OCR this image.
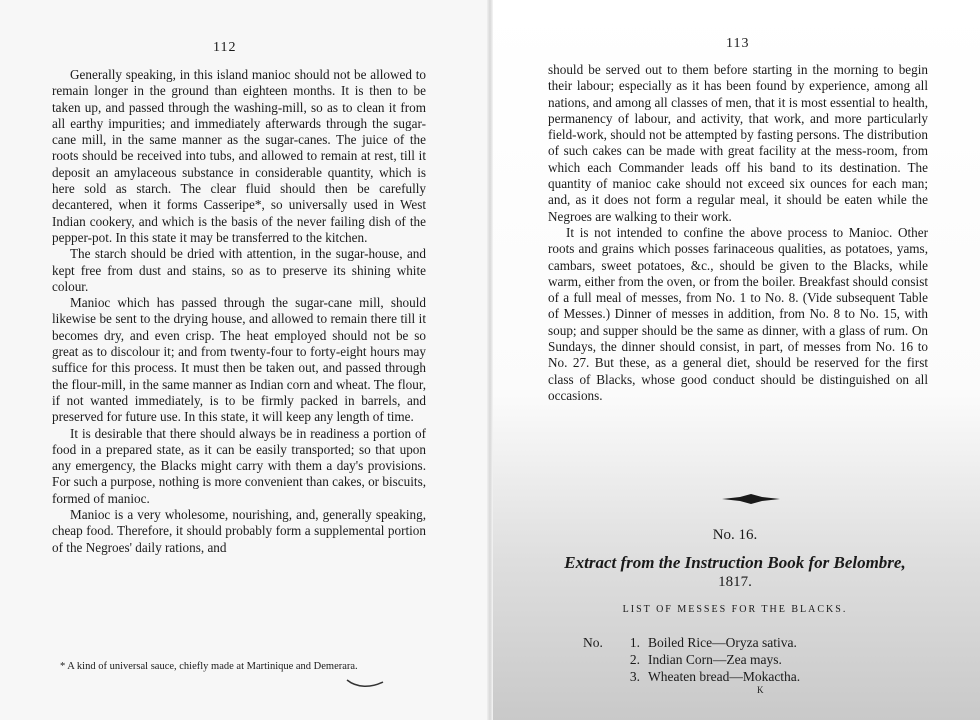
112

Generally speaking, in this island manioc should not be allowed to remain longer in the ground than eighteen months. It is then to be taken up, and passed through the washing-mill, so as to clean it from all earthy impurities; and immediately afterwards through the sugar-cane mill, in the same manner as the sugar-canes. The juice of the roots should be received into tubs, and allowed to remain at rest, till it deposit an amylaceous substance in considerable quantity, which is here sold as starch. The clear fluid should then be carefully decantered, when it forms Casseripe*, so universally used in West Indian cookery, and which is the basis of the never failing dish of the pepper-pot. In this state it may be transferred to the kitchen.

The starch should be dried with attention, in the sugar-house, and kept free from dust and stains, so as to preserve its shining white colour.

Manioc which has passed through the sugar-cane mill, should likewise be sent to the drying house, and allowed to remain there till it becomes dry, and even crisp. The heat employed should not be so great as to discolour it; and from twenty-four to forty-eight hours may suffice for this process. It must then be taken out, and passed through the flour-mill, in the same manner as Indian corn and wheat. The flour, if not wanted immediately, is to be firmly packed in barrels, and preserved for future use. In this state, it will keep any length of time.

It is desirable that there should always be in readiness a portion of food in a prepared state, as it can be easily transported; so that upon any emergency, the Blacks might carry with them a day's provisions. For such a purpose, nothing is more convenient than cakes, or biscuits, formed of manioc.

Manioc is a very wholesome, nourishing, and, generally speaking, cheap food. Therefore, it should probably form a supplemental portion of the Negroes' daily rations, and

* A kind of universal sauce, chiefly made at Martinique and Demerara.
113

should be served out to them before starting in the morning to begin their labour; especially as it has been found by experience, among all nations, and among all classes of men, that it is most essential to health, permanency of labour, and activity, that work, and more particularly field-work, should not be attempted by fasting persons. The distribution of such cakes can be made with great facility at the mess-room, from which each Commander leads off his band to its destination. The quantity of manioc cake should not exceed six ounces for each man; and, as it does not form a regular meal, it should be eaten while the Negroes are walking to their work.

It is not intended to confine the above process to Manioc. Other roots and grains which posses farinaceous qualities, as potatoes, yams, cambars, sweet potatoes, &c., should be given to the Blacks, while warm, either from the oven, or from the boiler. Breakfast should consist of a full meal of messes, from No. 1 to No. 8. (Vide subsequent Table of Messes.) Dinner of messes in addition, from No. 8 to No. 15, with soup; and supper should be the same as dinner, with a glass of rum. On Sundays, the dinner should consist, in part, of messes from No. 16 to No. 27. But these, as a general diet, should be reserved for the first class of Blacks, whose good conduct should be distinguished on all occasions.

No. 16.
Extract from the Instruction Book for Belombre,
1817.
LIST OF MESSES FOR THE BLACKS.
No.	1. Boiled Rice—Oryza sativa.
2. Indian Corn—Zea mays.
3. Wheaten bread—Mokactha.
K
